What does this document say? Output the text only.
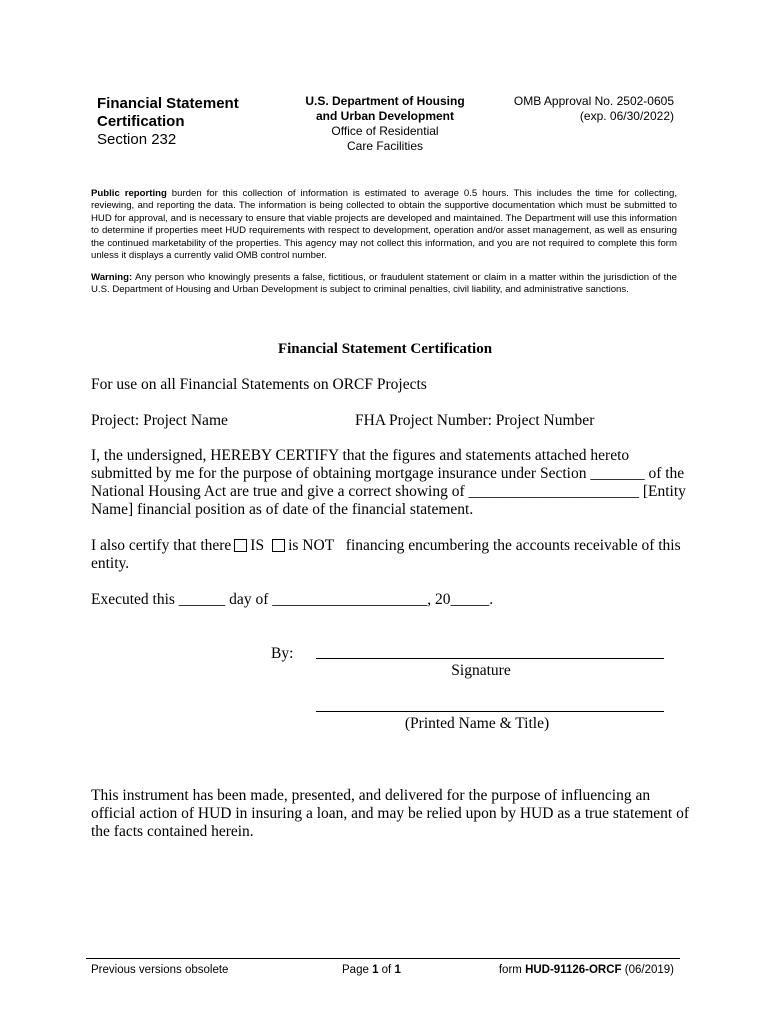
Financial Statement
Certification
Section 232
U.S. Department of Housing
and Urban Development
Office of Residential
Care Facilities
OMB Approval No. 2502-0605
(exp. 06/30/2022)
Public reporting burden for this collection of information is estimated to average 0.5 hours. This includes the time for collecting, reviewing, and reporting the data. The information is being collected to obtain the supportive documentation which must be submitted to HUD for approval, and is necessary to ensure that viable projects are developed and maintained. The Department will use this information to determine if properties meet HUD requirements with respect to development, operation and/or asset management, as well as ensuring the continued marketability of the properties. This agency may not collect this information, and you are not required to complete this form unless it displays a currently valid OMB control number.
Warning: Any person who knowingly presents a false, fictitious, or fraudulent statement or claim in a matter within the jurisdiction of the U.S. Department of Housing and Urban Development is subject to criminal penalties, civil liability, and administrative sanctions.
Financial Statement Certification
For use on all Financial Statements on ORCF Projects
Project: Project Name	FHA Project Number: Project Number
I, the undersigned, HEREBY CERTIFY that the figures and statements attached hereto
submitted by me for the purpose of obtaining mortgage insurance under Section _______ of the
National Housing Act are true and give a correct showing of ______________________ [Entity
Name] financial position as of date of the financial statement.
I also certify that there IS is NOT financing encumbering the accounts receivable of this
entity.
Executed this ______ day of ____________________, 20_____.
By:
Signature
(Printed Name & Title)
This instrument has been made, presented, and delivered for the purpose of influencing an
official action of HUD in insuring a loan, and may be relied upon by HUD as a true statement of
the facts contained herein.
Previous versions obsolete	Page 1 of 1	form HUD-91126-ORCF (06/2019)
